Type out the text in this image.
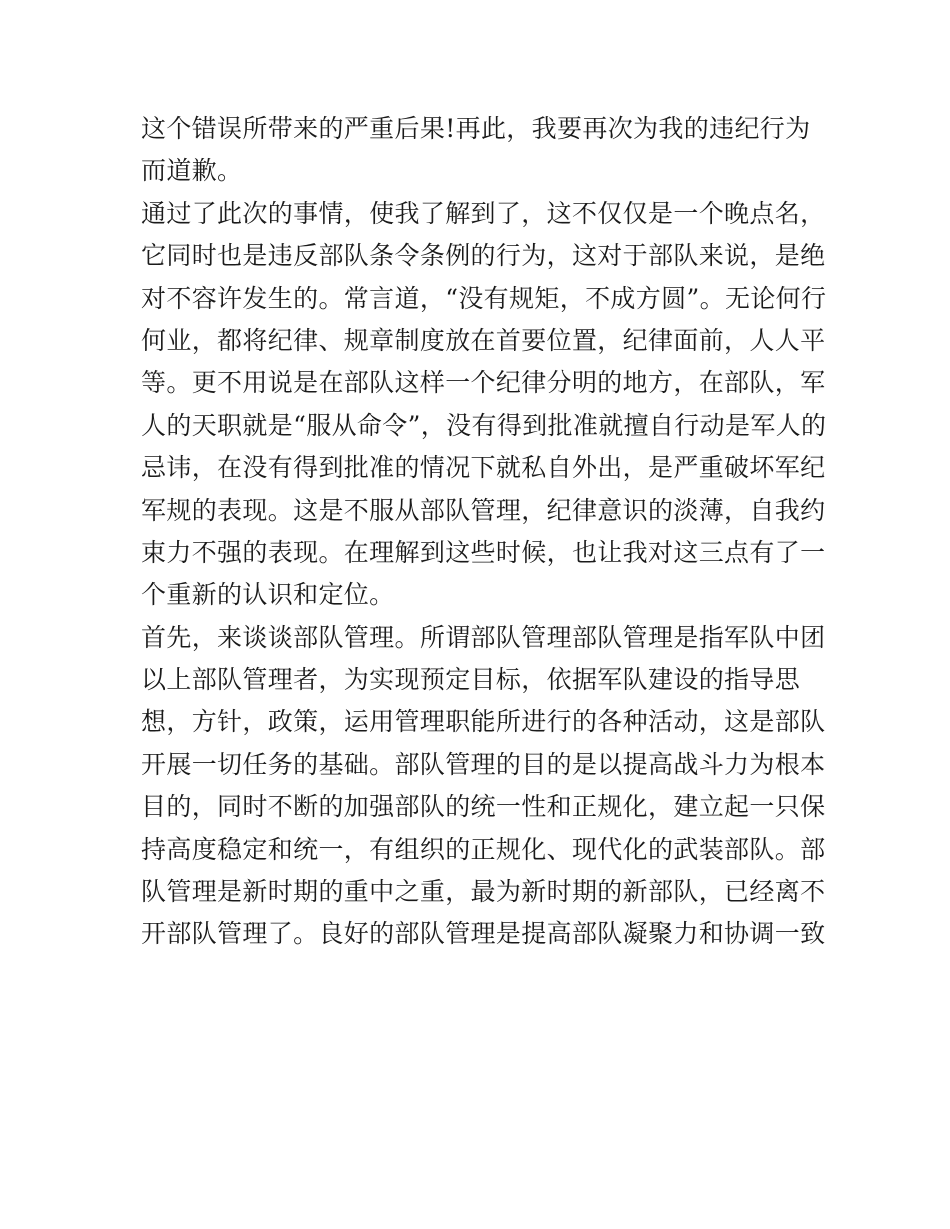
这个错误所带来的严重后果!再此，我要再次为我的违纪行为
而道歉。
通过了此次的事情，使我了解到了，这不仅仅是一个晚点名，
它同时也是违反部队条令条例的行为，这对于部队来说，是绝
对不容许发生的。常言道，“没有规矩，不成方圆”。无论何行
何业，都将纪律、规章制度放在首要位置，纪律面前，人人平
等。更不用说是在部队这样一个纪律分明的地方，在部队，军
人的天职就是“服从命令”，没有得到批准就擅自行动是军人的
忌讳，在没有得到批准的情况下就私自外出，是严重破坏军纪
军规的表现。这是不服从部队管理，纪律意识的淡薄，自我约
束力不强的表现。在理解到这些时候，也让我对这三点有了一
个重新的认识和定位。
首先，来谈谈部队管理。所谓部队管理部队管理是指军队中团
以上部队管理者，为实现预定目标，依据军队建设的指导思
想，方针，政策，运用管理职能所进行的各种活动，这是部队
开展一切任务的基础。部队管理的目的是以提高战斗力为根本
目的，同时不断的加强部队的统一性和正规化，建立起一只保
持高度稳定和统一，有组织的正规化、现代化的武装部队。部
队管理是新时期的重中之重，最为新时期的新部队，已经离不
开部队管理了。良好的部队管理是提高部队凝聚力和协调一致
